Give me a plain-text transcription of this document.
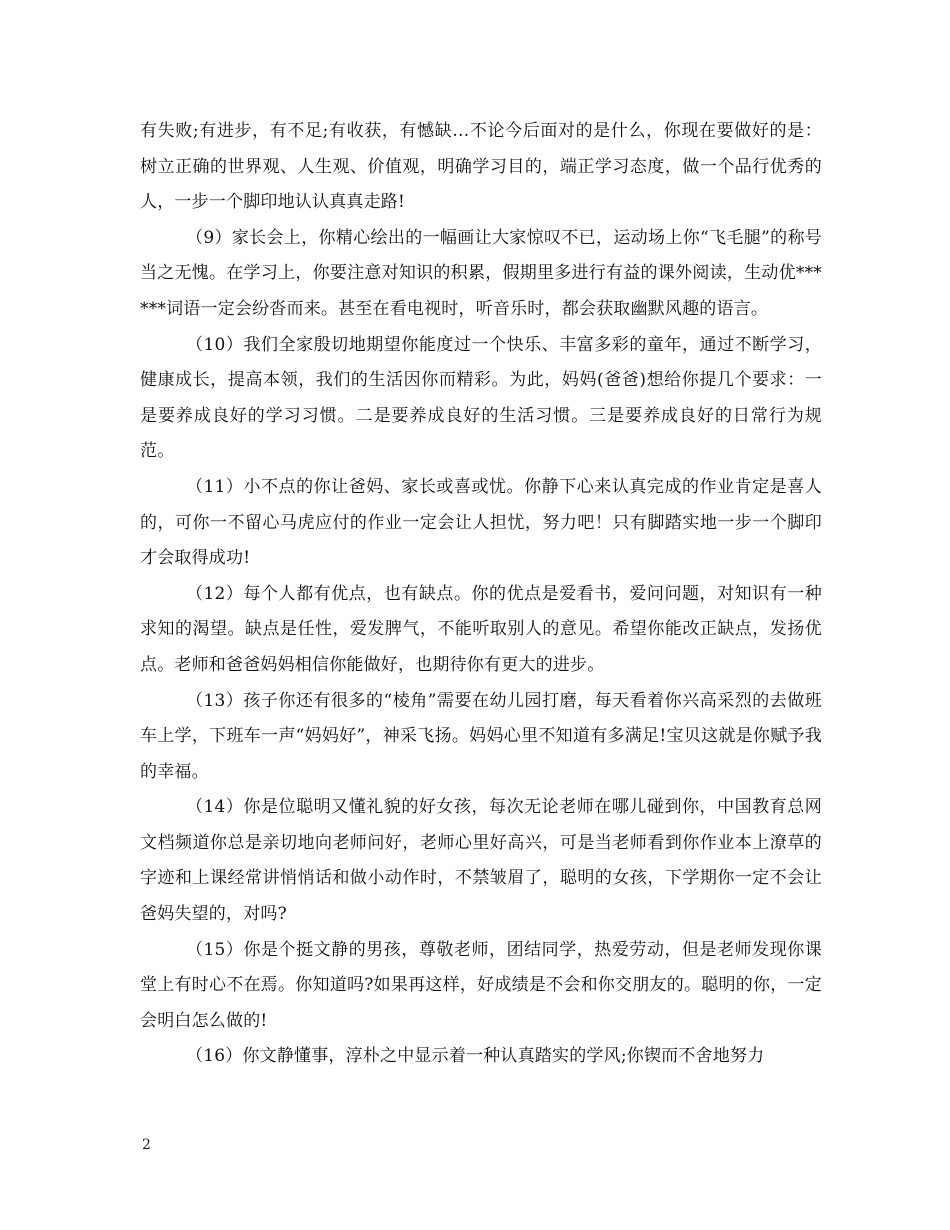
有失败;有进步，有不足;有收获，有憾缺…不论今后面对的是什么，你现在要做好的是：树立正确的世界观、人生观、价值观，明确学习目的，端正学习态度，做一个品行优秀的人，一步一个脚印地认认真真走路!

（9）家长会上，你精心绘出的一幅画让大家惊叹不已，运动场上你“飞毛腿”的称号当之无愧。在学习上，你要注意对知识的积累，假期里多进行有益的课外阅读，生动优******词语一定会纷沓而来。甚至在看电视时，听音乐时，都会获取幽默风趣的语言。

（10）我们全家殷切地期望你能度过一个快乐、丰富多彩的童年，通过不断学习，健康成长，提高本领，我们的生活因你而精彩。为此，妈妈(爸爸)想给你提几个要求：一是要养成良好的学习习惯。二是要养成良好的生活习惯。三是要养成良好的日常行为规范。

（11）小不点的你让爸妈、家长或喜或忧。你静下心来认真完成的作业肯定是喜人的，可你一不留心马虎应付的作业一定会让人担忧，努力吧！只有脚踏实地一步一个脚印才会取得成功!

（12）每个人都有优点，也有缺点。你的优点是爱看书，爱问问题，对知识有一种求知的渴望。缺点是任性，爱发脾气，不能听取别人的意见。希望你能改正缺点，发扬优点。老师和爸爸妈妈相信你能做好，也期待你有更大的进步。

（13）孩子你还有很多的“棱角”需要在幼儿园打磨，每天看着你兴高采烈的去做班车上学，下班车一声“妈妈好”，神采飞扬。妈妈心里不知道有多满足!宝贝这就是你赋予我的幸福。

（14）你是位聪明又懂礼貌的好女孩，每次无论老师在哪儿碰到你，中国教育总网文档频道你总是亲切地向老师问好，老师心里好高兴，可是当老师看到你作业本上潦草的字迹和上课经常讲悄悄话和做小动作时，不禁皱眉了，聪明的女孩，下学期你一定不会让爸妈失望的，对吗?

（15）你是个挺文静的男孩，尊敬老师，团结同学，热爱劳动，但是老师发现你课堂上有时心不在焉。你知道吗?如果再这样，好成绩是不会和你交朋友的。聪明的你，一定会明白怎么做的!

（16）你文静懂事，淳朴之中显示着一种认真踏实的学风;你锲而不舍地努力

2
